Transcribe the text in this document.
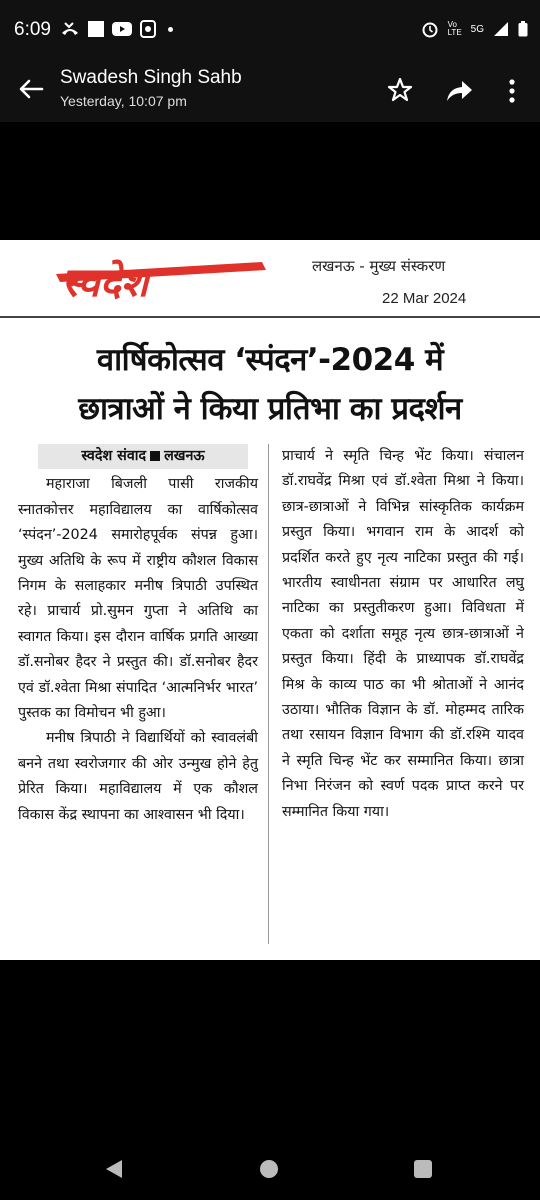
6:09	Vo
LTE 5G
Swadesh Singh Sahb
Yesterday, 10:07 pm
स्वदेश	लखनऊ - मुख्य संस्करण
22 Mar 2024
वार्षिकोत्सव ‘स्पंदन’-2024 में
छात्राओं ने किया प्रतिभा का प्रदर्शन
स्वदेश संवाद लखनऊ

महाराजा बिजली पासी राजकीय स्नातकोत्तर महाविद्यालय का वार्षिकोत्सव ‘स्पंदन’-2024 समारोहपूर्वक संपन्न हुआ। मुख्य अतिथि के रूप में राष्ट्रीय कौशल विकास निगम के सलाहकार मनीष त्रिपाठी उपस्थित रहे। प्राचार्य प्रो.सुमन गुप्ता ने अतिथि का स्वागत किया। इस दौरान वार्षिक प्रगति आख्या डॉ.सनोबर हैदर ने प्रस्तुत की। डॉ.सनोबर हैदर एवं डॉ.श्वेता मिश्रा संपादित ‘आत्मनिर्भर भारत’ पुस्तक का विमोचन भी हुआ।

मनीष त्रिपाठी ने विद्यार्थियों को स्वावलंबी बनने तथा स्वरोजगार की ओर उन्मुख होने हेतु प्रेरित किया। महाविद्यालय में एक कौशल विकास केंद्र स्थापना का आश्वासन भी दिया।

प्राचार्य ने स्मृति चिन्ह भेंट किया। संचालन डॉ.राघवेंद्र मिश्रा एवं डॉ.श्वेता मिश्रा ने किया। छात्र-छात्राओं ने विभिन्न सांस्कृतिक कार्यक्रम प्रस्तुत किया। भगवान राम के आदर्श को प्रदर्शित करते हुए नृत्य नाटिका प्रस्तुत की गई। भारतीय स्वाधीनता संग्राम पर आधारित लघु नाटिका का प्रस्तुतीकरण हुआ। विविधता में एकता को दर्शाता समूह नृत्य छात्र-छात्राओं ने प्रस्तुत किया। हिंदी के प्राध्यापक डॉ.राघवेंद्र मिश्र के काव्य पाठ का भी श्रोताओं ने आनंद उठाया। भौतिक विज्ञान के डॉ. मोहम्मद तारिक तथा रसायन विज्ञान विभाग की डॉ.रश्मि यादव ने स्मृति चिन्ह भेंट कर सम्मानित किया। छात्रा निभा निरंजन को स्वर्ण पदक प्राप्त करने पर सम्मानित किया गया।
